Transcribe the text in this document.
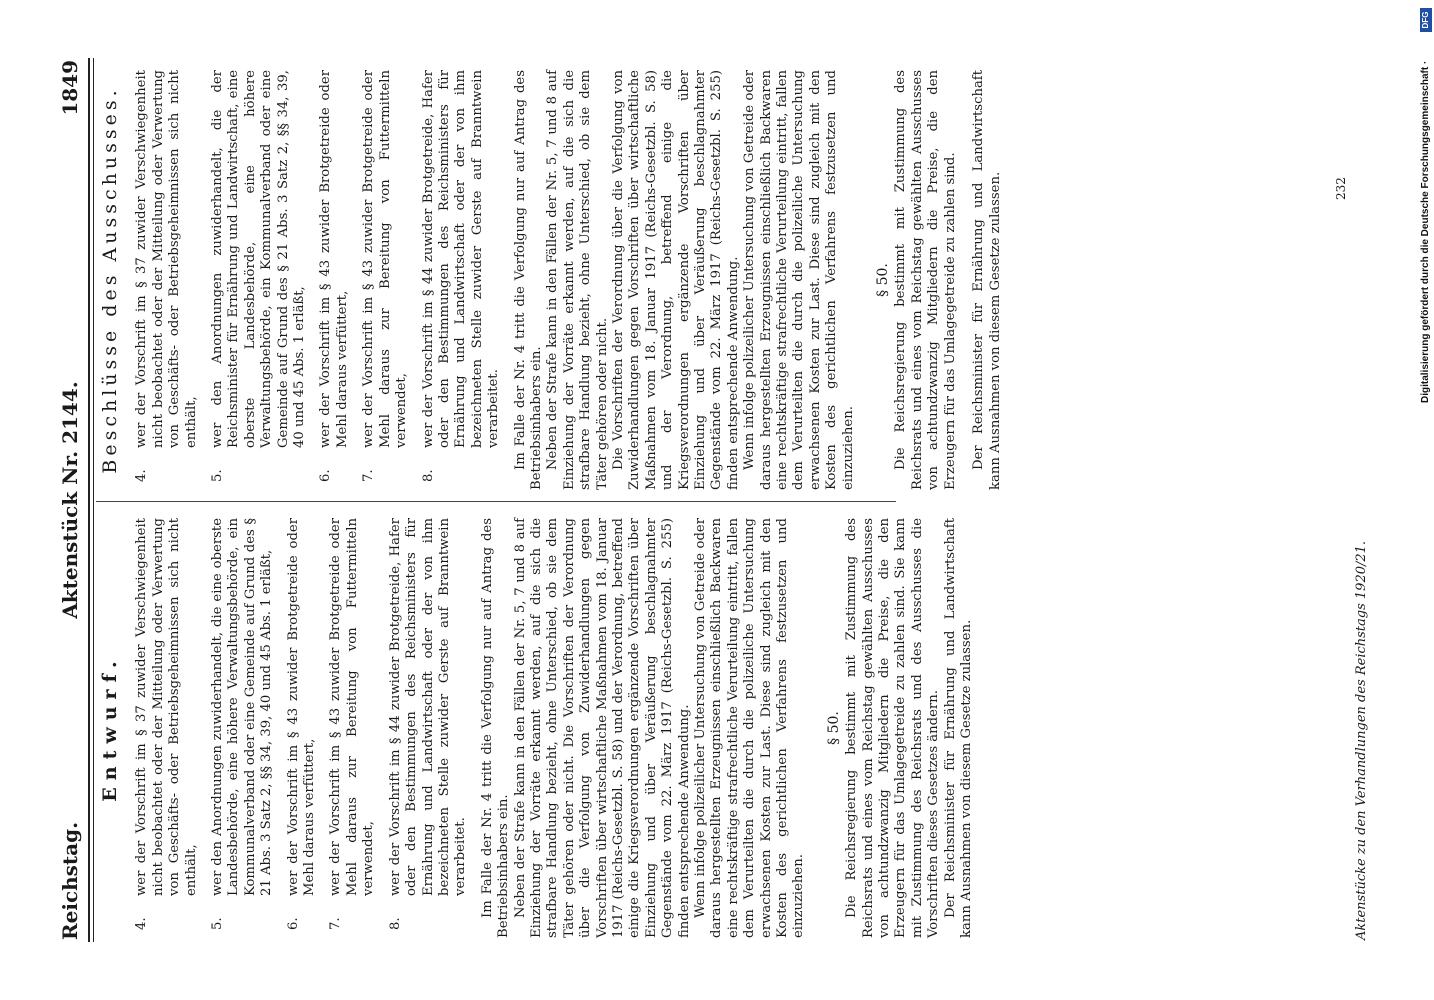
Reichstag.
Aktenstück Nr. 2144.
1849
Entwurf.
4.
wer der Vorschrift im § 37 zuwider Verschwiegenheit nicht beobachtet oder der Mitteilung oder Verwertung von Geschäfts- oder Betriebsgeheimnissen sich nicht enthält,
5.
wer den Anordnungen zuwiderhandelt, die eine oberste Landesbehörde, eine höhere Verwaltungsbehörde, ein Kommunalverband oder eine Gemeinde auf Grund des § 21 Abs. 3 Satz 2, §§ 34, 39, 40 und 45 Abs. 1 erläßt,
6.
wer der Vorschrift im § 43 zuwider Brotgetreide oder Mehl daraus verfüttert,
7.
wer der Vorschrift im § 43 zuwider Brotgetreide oder Mehl daraus zur Bereitung von Futtermitteln verwendet,
8.
wer der Vorschrift im § 44 zuwider Brotgetreide, Hafer oder den Bestimmungen des Reichsministers für Ernährung und Landwirtschaft oder der von ihm bezeichneten Stelle zuwider Gerste auf Branntwein verarbeitet. Im Falle der Nr. 4 tritt die Verfolgung nur auf Antrag des Betriebsinhabers ein. Neben der Strafe kann in den Fällen der Nr. 5, 7 und 8 auf Einziehung der Vorräte erkannt werden, auf die sich die strafbare Handlung bezieht, ohne Unterschied, ob sie dem Täter gehören oder nicht. Die Vorschriften der Verordnung über die Verfolgung von Zuwiderhandlungen gegen Vorschriften über wirtschaftliche Maßnahmen vom 18. Januar 1917 (Reichs-Gesetzbl. S. 58) und der Verordnung, betreffend einige die Kriegsverordnungen ergänzende Vorschriften über Einziehung und über Veräußerung beschlagnahmter Gegenstände vom 22. März 1917 (Reichs-Gesetzbl. S. 255) finden entsprechende Anwendung. Wenn infolge polizeilicher Untersuchung von Getreide oder daraus hergestellten Erzeugnissen einschließlich Backwaren eine rechtskräftige strafrechtliche Verurteilung eintritt, fallen dem Verurteilten die durch die polizeiliche Untersuchung erwachsenen Kosten zur Last. Diese sind zugleich mit den Kosten des gerichtlichen Verfahrens festzusetzen und einzuziehen.

§ 50. Die Reichsregierung bestimmt mit Zustimmung des Reichsrats und eines vom Reichstag gewählten Ausschusses von achtundzwanzig Mitgliedern die Preise, die den Erzeugern für das Umlagegetreide zu zahlen sind. Sie kann mit Zustimmung des Reichsrats und des Ausschusses die Vorschriften dieses Gesetzes ändern. Der Reichsminister für Ernährung und Landwirtschaft kann Ausnahmen von diesem Gesetze zulassen.

Beschlüsse des Ausschusses.
4.
wer der Vorschrift im § 37 zuwider Verschwiegenheit nicht beobachtet oder der Mitteilung oder Verwertung von Geschäfts- oder Betriebsgeheimnissen sich nicht enthält,
5.
wer den Anordnungen zuwiderhandelt, die der Reichsminister für Ernährung und Landwirtschaft, eine oberste Landesbehörde, eine höhere Verwaltungsbehörde, ein Kommunalverband oder eine Gemeinde auf Grund des § 21 Abs. 3 Satz 2, §§ 34, 39, 40 und 45 Abs. 1 erläßt,
6.
wer der Vorschrift im § 43 zuwider Brotgetreide oder Mehl daraus verfüttert,
7.
wer der Vorschrift im § 43 zuwider Brotgetreide oder Mehl daraus zur Bereitung von Futtermitteln verwendet,
8.
wer der Vorschrift im § 44 zuwider Brotgetreide, Hafer oder den Bestimmungen des Reichsministers für Ernährung und Landwirtschaft oder der von ihm bezeichneten Stelle zuwider Gerste auf Branntwein verarbeitet. Im Falle der Nr. 4 tritt die Verfolgung nur auf Antrag des Betriebsinhabers ein. Neben der Strafe kann in den Fällen der Nr. 5, 7 und 8 auf Einziehung der Vorräte erkannt werden, auf die sich die strafbare Handlung bezieht, ohne Unterschied, ob sie dem Täter gehören oder nicht. Die Vorschriften der Verordnung über die Verfolgung von Zuwiderhandlungen gegen Vorschriften über wirtschaftliche Maßnahmen vom 18. Januar 1917 (Reichs-Gesetzbl. S. 58) und der Verordnung, betreffend einige die Kriegsverordnungen ergänzende Vorschriften über Einziehung und über Veräußerung beschlagnahmter Gegenstände vom 22. März 1917 (Reichs-Gesetzbl. S. 255) finden entsprechende Anwendung. Wenn infolge polizeilicher Untersuchung von Getreide oder daraus hergestellten Erzeugnissen einschließlich Backwaren eine rechtskräftige strafrechtliche Verurteilung eintritt, fallen dem Verurteilten die durch die polizeiliche Untersuchung erwachsenen Kosten zur Last. Diese sind zugleich mit den Kosten des gerichtlichen Verfahrens festzusetzen und einzuziehen.

§ 50. Die Reichsregierung bestimmt mit Zustimmung des Reichsrats und eines vom Reichstag gewählten Ausschusses von achtundzwanzig Mitgliedern die Preise, die den Erzeugern für das Umlagegetreide zu zahlen sind. Der Reichsminister für Ernährung und Landwirtschaft kann Ausnahmen von diesem Gesetze zulassen.

Aktenstücke zu den Verhandlungen des Reichstags 1920/21.
232	Digitalisierung gefördert durch die Deutsche Forschungsgemeinschaft ·
DFG
